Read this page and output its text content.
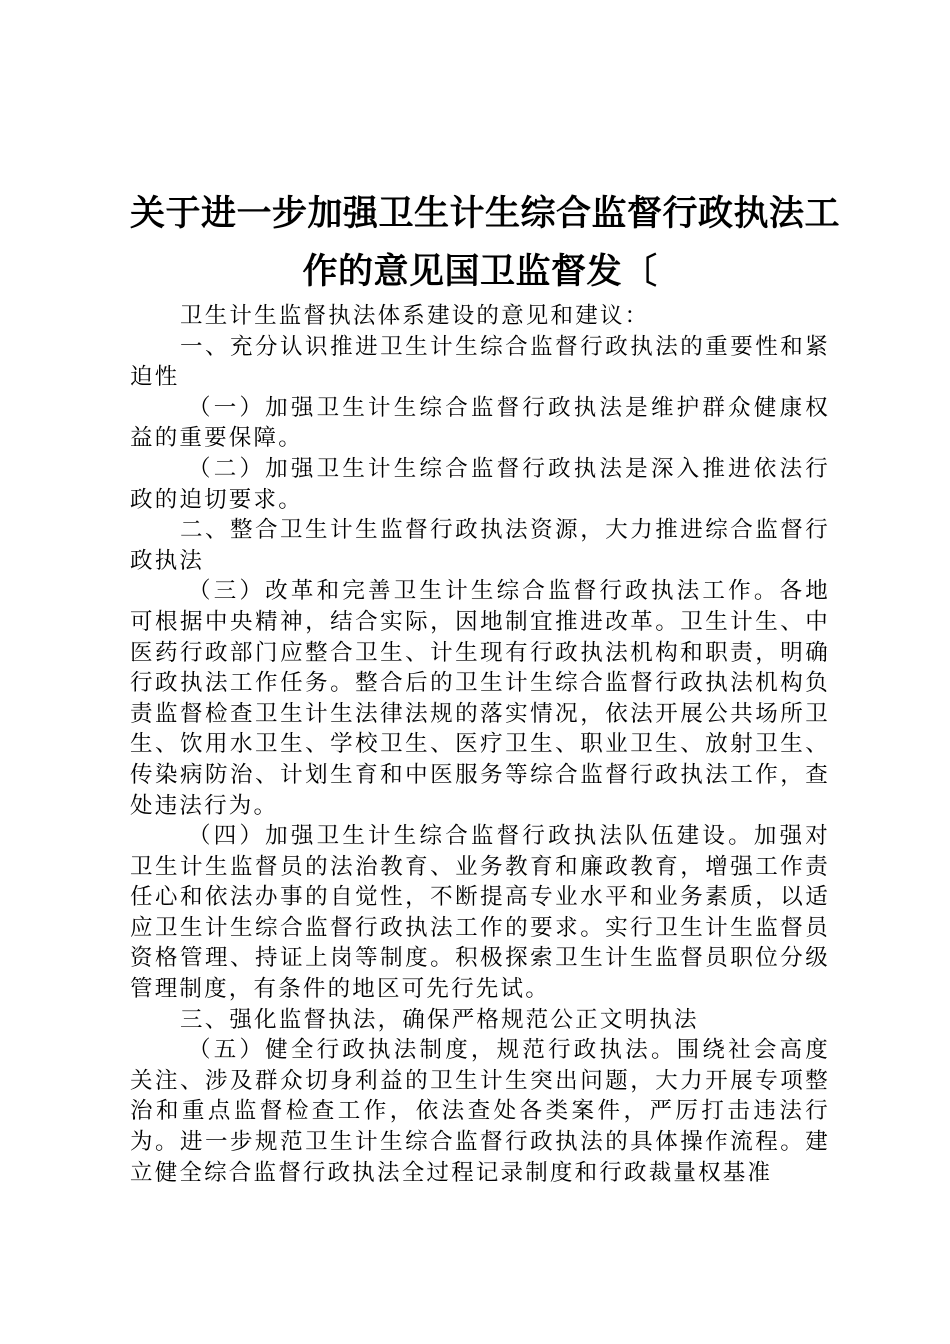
关于进一步加强卫生计生综合监督行政执法工
作的意见国卫监督发〔

卫生计生监督执法体系建设的意见和建议：

一、充分认识推进卫生计生综合监督行政执法的重要性和紧迫性

（一）加强卫生计生综合监督行政执法是维护群众健康权益的重要保障。

（二）加强卫生计生综合监督行政执法是深入推进依法行政的迫切要求。

二、整合卫生计生监督行政执法资源，大力推进综合监督行政执法

（三）改革和完善卫生计生综合监督行政执法工作。各地可根据中央精神，结合实际，因地制宜推进改革。卫生计生、中医药行政部门应整合卫生、计生现有行政执法机构和职责，明确行政执法工作任务。整合后的卫生计生综合监督行政执法机构负责监督检查卫生计生法律法规的落实情况，依法开展公共场所卫生、饮用水卫生、学校卫生、医疗卫生、职业卫生、放射卫生、传染病防治、计划生育和中医服务等综合监督行政执法工作，查处违法行为。

（四）加强卫生计生综合监督行政执法队伍建设。加强对卫生计生监督员的法治教育、业务教育和廉政教育，增强工作责任心和依法办事的自觉性，不断提高专业水平和业务素质，以适应卫生计生综合监督行政执法工作的要求。实行卫生计生监督员资格管理、持证上岗等制度。积极探索卫生计生监督员职位分级管理制度，有条件的地区可先行先试。

三、强化监督执法，确保严格规范公正文明执法

（五）健全行政执法制度，规范行政执法。围绕社会高度关注、涉及群众切身利益的卫生计生突出问题，大力开展专项整治和重点监督检查工作，依法查处各类案件，严厉打击违法行为。进一步规范卫生计生综合监督行政执法的具体操作流程。建立健全综合监督行政执法全过程记录制度和行政裁量权基准
